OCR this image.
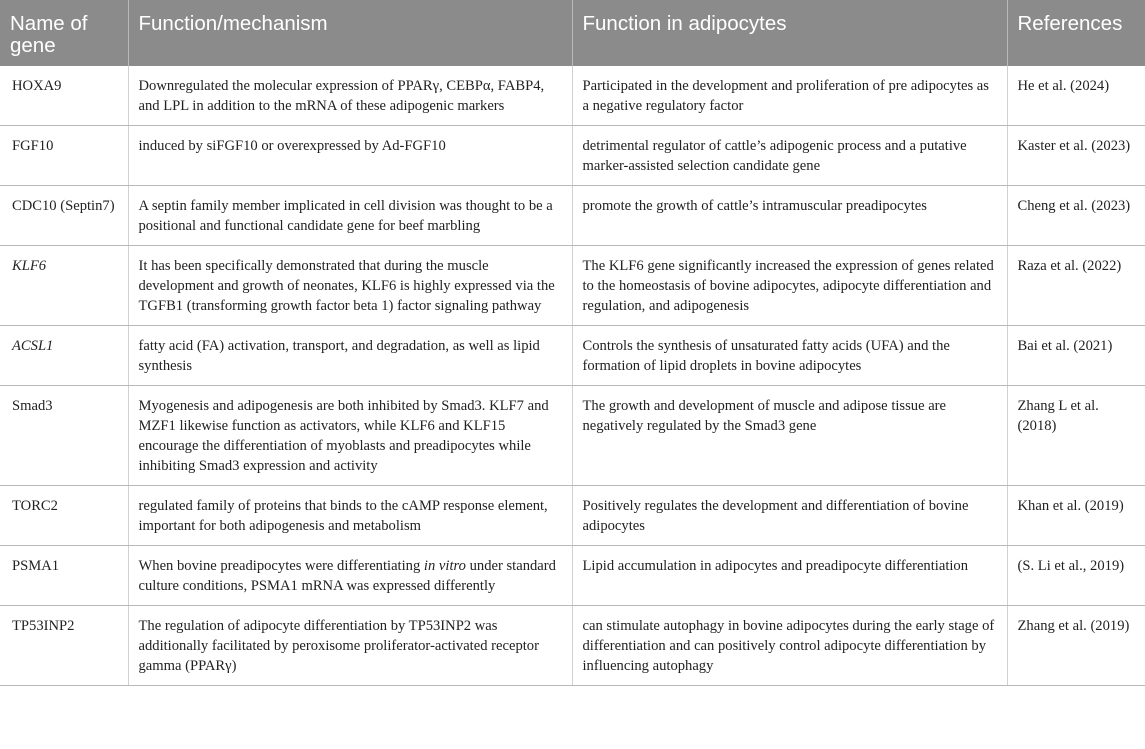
Name of gene	Function/mechanism	Function in adipocytes	References
HOXA9	Downregulated the molecular expression of PPARγ, CEBPα, FABP4, and LPL in addition to the mRNA of these adipogenic markers	Participated in the development and proliferation of pre adipocytes as a negative regulatory factor	He et al. (2024)
FGF10	induced by siFGF10 or overexpressed by Ad-FGF10	detrimental regulator of cattle’s adipogenic process and a putative marker-assisted selection candidate gene	Kaster et al. (2023)
CDC10 (Septin7)	A septin family member implicated in cell division was thought to be a positional and functional candidate gene for beef marbling	promote the growth of cattle’s intramuscular preadipocytes	Cheng et al. (2023)
KLF6	It has been specifically demonstrated that during the muscle development and growth of neonates, KLF6 is highly expressed via the TGFB1 (transforming growth factor beta 1) factor signaling pathway	The KLF6 gene significantly increased the expression of genes related to the homeostasis of bovine adipocytes, adipocyte differentiation and regulation, and adipogenesis	Raza et al. (2022)
ACSL1	fatty acid (FA) activation, transport, and degradation, as well as lipid synthesis	Controls the synthesis of unsaturated fatty acids (UFA) and the formation of lipid droplets in bovine adipocytes	Bai et al. (2021)
Smad3	Myogenesis and adipogenesis are both inhibited by Smad3. KLF7 and MZF1 likewise function as activators, while KLF6 and KLF15 encourage the differentiation of myoblasts and preadipocytes while inhibiting Smad3 expression and activity	The growth and development of muscle and adipose tissue are negatively regulated by the Smad3 gene	Zhang L et al. (2018)
TORC2	regulated family of proteins that binds to the cAMP response element, important for both adipogenesis and metabolism	Positively regulates the development and differentiation of bovine adipocytes	Khan et al. (2019)
PSMA1	When bovine preadipocytes were differentiating in vitro under standard culture conditions, PSMA1 mRNA was expressed differently	Lipid accumulation in adipocytes and preadipocyte differentiation	(S. Li et al., 2019)
TP53INP2	The regulation of adipocyte differentiation by TP53INP2 was additionally facilitated by peroxisome proliferator-activated receptor gamma (PPARγ)	can stimulate autophagy in bovine adipocytes during the early stage of differentiation and can positively control adipocyte differentiation by influencing autophagy	Zhang et al. (2019)
